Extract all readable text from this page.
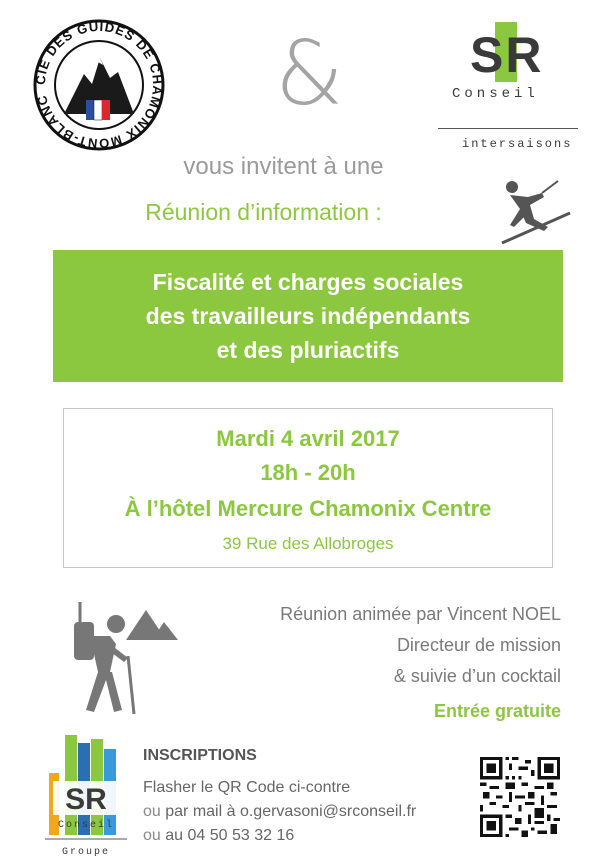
CIE DES GUIDES DE CHAMONIX MONT-BLANC	&	SR
Conseil
intersaisons
vous invitent à une
Réunion d’information :
Fiscalité et charges sociales
des travailleurs indépendants
et des pluriactifs
Mardi 4 avril 2017
18h - 20h
À l’hôtel Mercure Chamonix Centre
39 Rue des Allobroges
Réunion animée par Vincent NOEL
Directeur de mission
& suivie d’un cocktail
Entrée gratuite
SR
Conseil
Groupe
INSCRIPTIONS
Flasher le QR Code ci-contre
ou par mail à o.gervasoni@srconseil.fr
ou au 04 50 53 32 16
